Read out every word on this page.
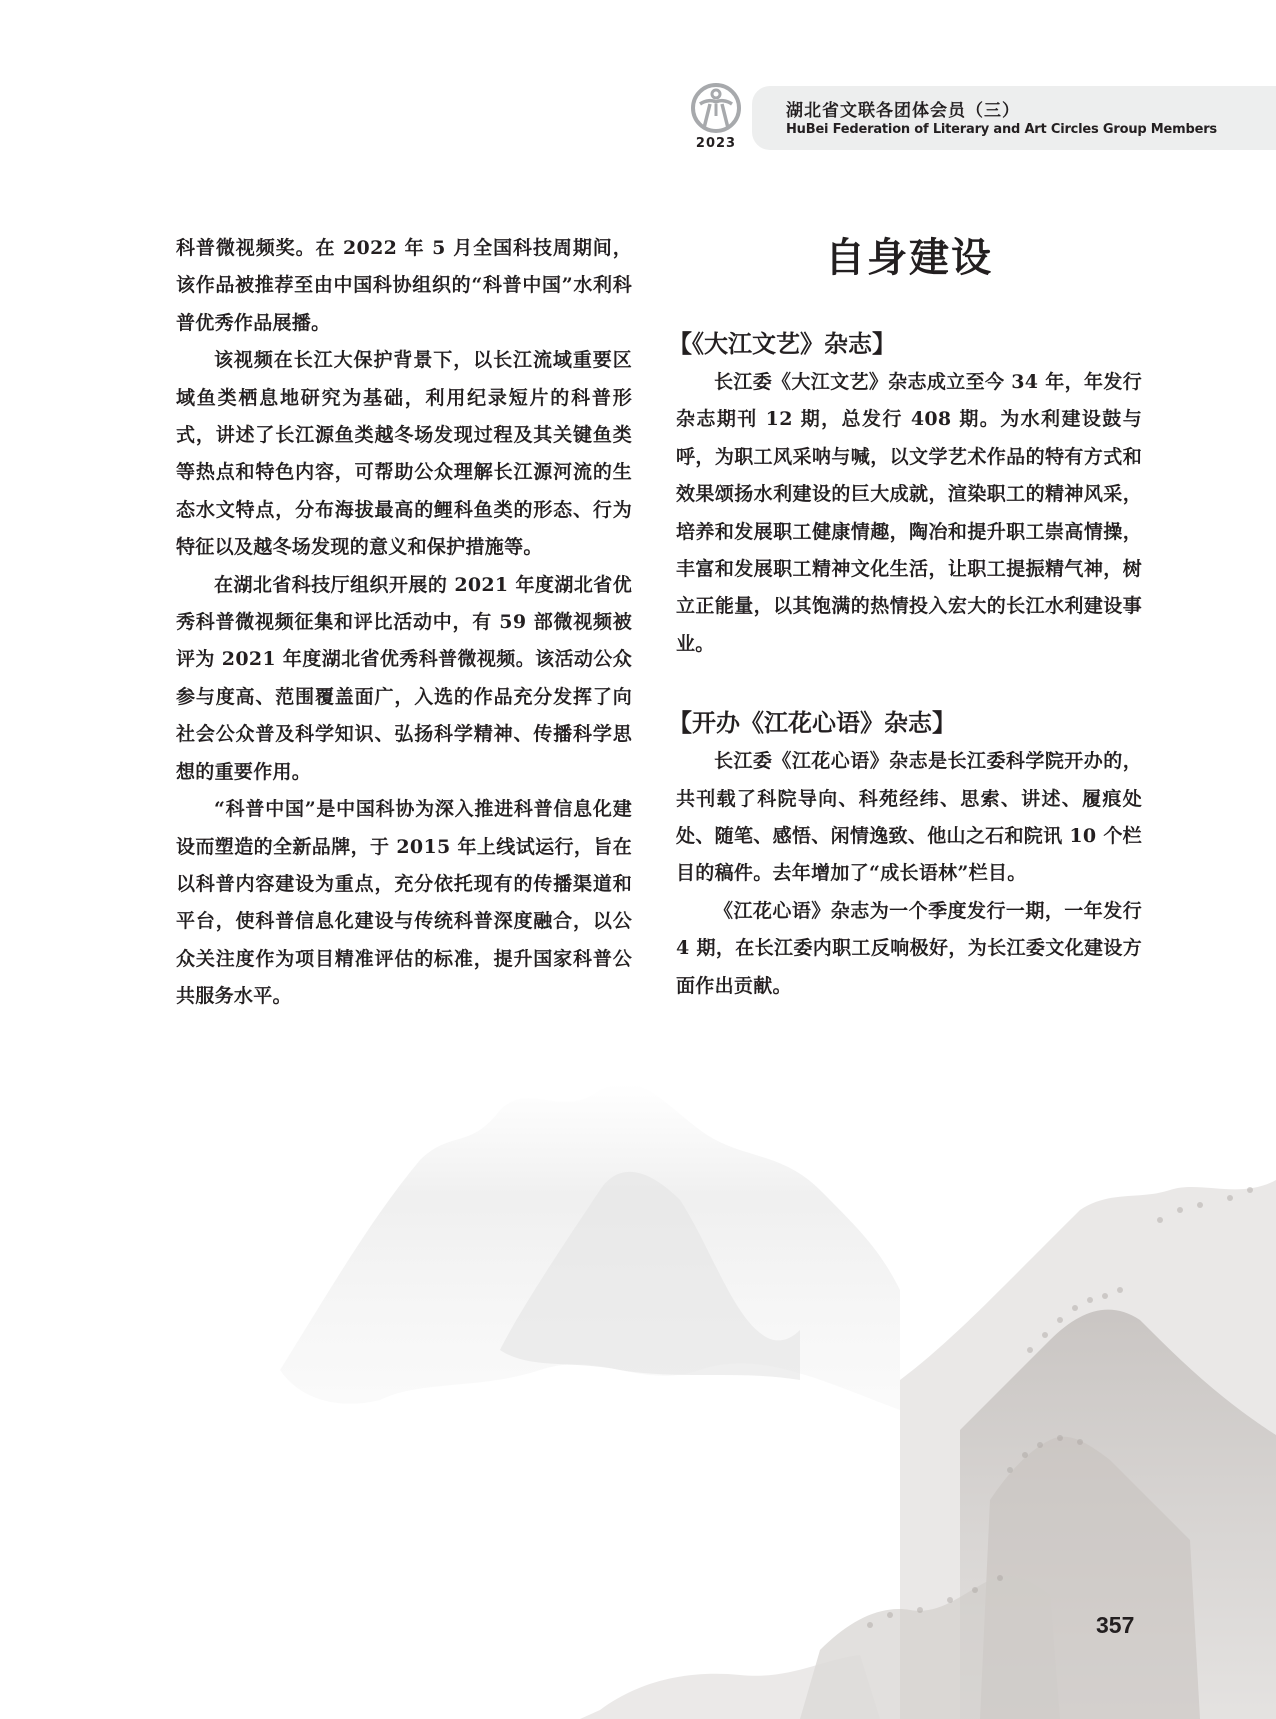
2023
湖北省文联各团体会员（三）
HuBei Federation of Literary and Art Circles Group Members

科普微视频奖。在 2022 年 5 月全国科技周期间，该作品被推荐至由中国科协组织的“科普中国”水利科普优秀作品展播。

该视频在长江大保护背景下，以长江流域重要区域鱼类栖息地研究为基础，利用纪录短片的科普形式，讲述了长江源鱼类越冬场发现过程及其关键鱼类等热点和特色内容，可帮助公众理解长江源河流的生态水文特点，分布海拔最高的鲤科鱼类的形态、行为特征以及越冬场发现的意义和保护措施等。

在湖北省科技厅组织开展的 2021 年度湖北省优秀科普微视频征集和评比活动中，有 59 部微视频被评为 2021 年度湖北省优秀科普微视频。该活动公众参与度高、范围覆盖面广，入选的作品充分发挥了向社会公众普及科学知识、弘扬科学精神、传播科学思想的重要作用。

“科普中国”是中国科协为深入推进科普信息化建设而塑造的全新品牌，于 2015 年上线试运行，旨在以科普内容建设为重点，充分依托现有的传播渠道和平台，使科普信息化建设与传统科普深度融合，以公众关注度作为项目精准评估的标准，提升国家科普公共服务水平。

自身建设
【《大江文艺》杂志】

长江委《大江文艺》杂志成立至今 34 年，年发行杂志期刊 12 期，总发行 408 期。为水利建设鼓与呼，为职工风采呐与喊，以文学艺术作品的特有方式和效果颂扬水利建设的巨大成就，渲染职工的精神风采，培养和发展职工健康情趣，陶冶和提升职工崇高情操，丰富和发展职工精神文化生活，让职工提振精气神，树立正能量，以其饱满的热情投入宏大的长江水利建设事业。

【开办《江花心语》杂志】

长江委《江花心语》杂志是长江委科学院开办的，共刊载了科院导向、科苑经纬、思索、讲述、履痕处处、随笔、感悟、闲情逸致、他山之石和院讯 10 个栏目的稿件。去年增加了“成长语林”栏目。

《江花心语》杂志为一个季度发行一期，一年发行 4 期，在长江委内职工反响极好，为长江委文化建设方面作出贡献。

357
